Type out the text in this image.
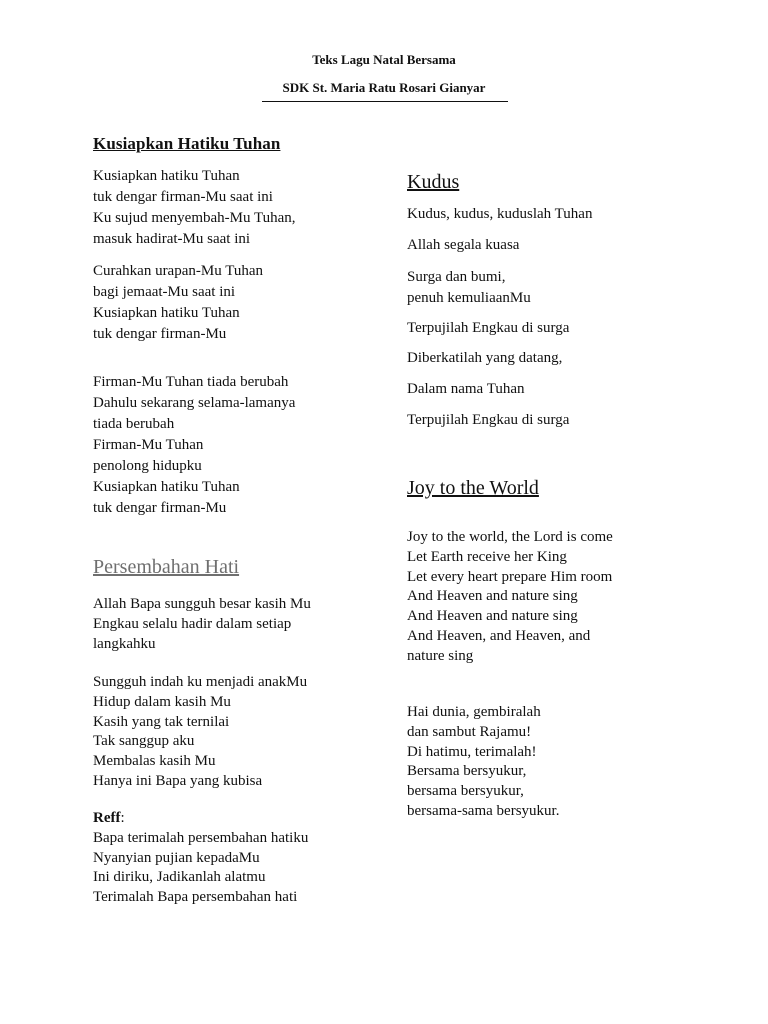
Teks Lagu Natal Bersama
SDK St. Maria Ratu Rosari Gianyar
Kusiapkan Hatiku Tuhan
Kusiapkan hatiku Tuhan
tuk dengar firman-Mu saat ini
Ku sujud menyembah-Mu Tuhan,
masuk hadirat-Mu saat ini
Curahkan urapan-Mu Tuhan
bagi jemaat-Mu saat ini
Kusiapkan hatiku Tuhan
tuk dengar firman-Mu
Firman-Mu Tuhan tiada berubah
Dahulu sekarang selama-lamanya
tiada berubah
Firman-Mu Tuhan
penolong hidupku
Kusiapkan hatiku Tuhan
tuk dengar firman-Mu
Persembahan Hati
Allah Bapa sungguh besar kasih Mu
Engkau selalu hadir dalam setiap
langkahku
Sungguh indah ku menjadi anakMu
Hidup dalam kasih Mu
Kasih yang tak ternilai
Tak sanggup aku
Membalas kasih Mu
Hanya ini Bapa yang kubisa
Reff:
Bapa terimalah persembahan hatiku
Nyanyian pujian kepadaMu
Ini diriku, Jadikanlah alatmu
Terimalah Bapa persembahan hati
Kudus
Kudus, kudus, kuduslah Tuhan
Allah segala kuasa
Surga dan bumi,
penuh kemuliaanMu
Terpujilah Engkau di surga
Diberkatilah yang datang,
Dalam nama Tuhan
Terpujilah Engkau di surga
Joy to the World
Joy to the world, the Lord is come
Let Earth receive her King
Let every heart prepare Him room
And Heaven and nature sing
And Heaven and nature sing
And Heaven, and Heaven, and
nature sing
Hai dunia, gembiralah
dan sambut Rajamu!
Di hatimu, terimalah!
Bersama bersyukur,
bersama bersyukur,
bersama-sama bersyukur.
